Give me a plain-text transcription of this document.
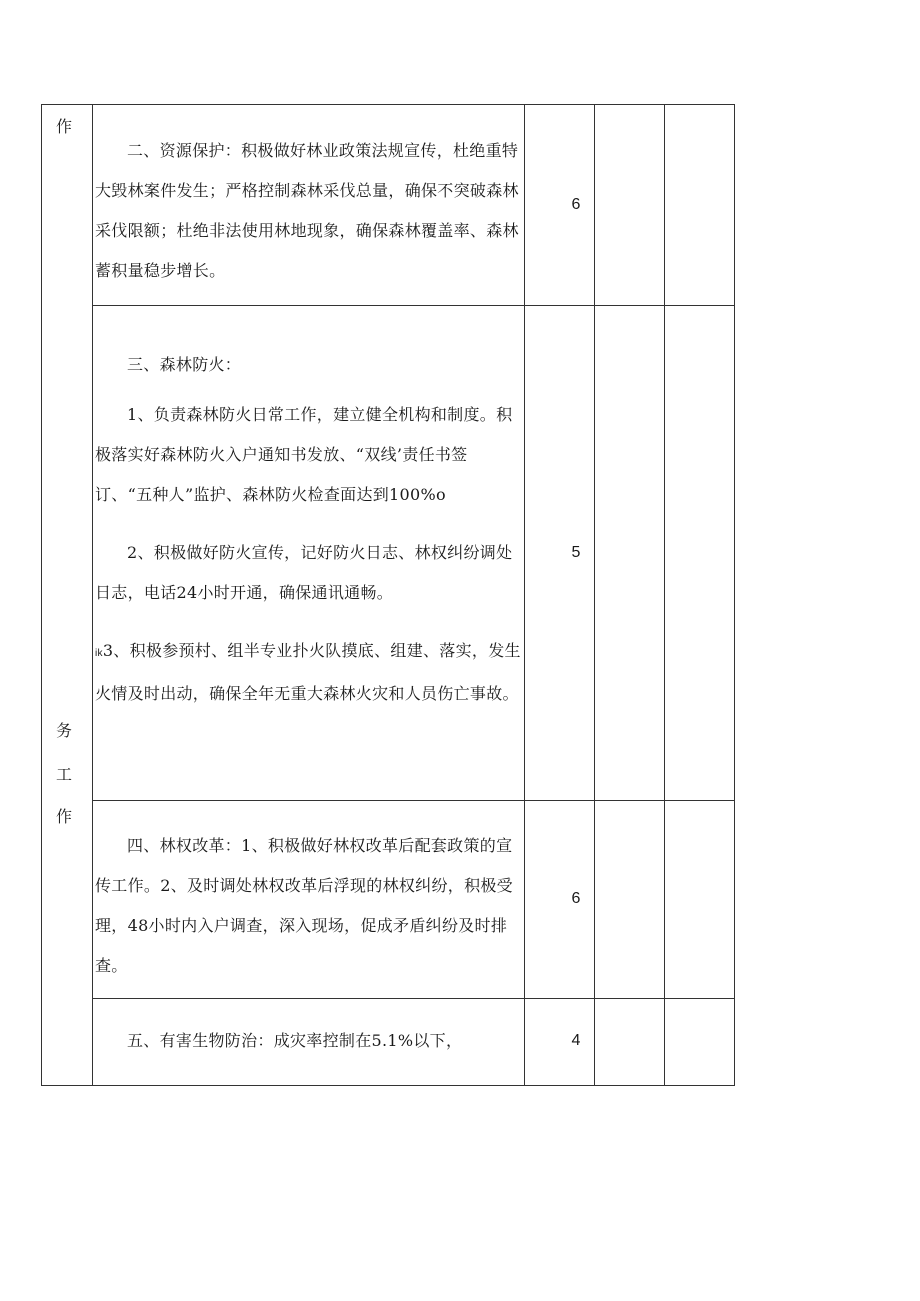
作
务
工
作

二、资源保护：积极做好林业政策法规宣传，杜绝重特大毁林案件发生；严格控制森林采伐总量，确保不突破森林采伐限额；杜绝非法使用林地现象，确保森林覆盖率、森林蓄积量稳步增长。

6

三、森林防火：

1、负责森林防火日常工作，建立健全机构和制度。积极落实好森林防火入户通知书发放、“双线’责任书签订、“五种人”监护、森林防火检查面达到100%o

2、积极做好防火宣传，记好防火日志、林权纠纷调处日志，电话24小时开通，确保通讯通畅。

ik3、积极参预村、组半专业扑火队摸底、组建、落实，发生火情及时出动，确保全年无重大森林火灾和人员伤亡事故。

5

四、林权改革：1、积极做好林权改革后配套政策的宣传工作。2、及时调处林权改革后浮现的林权纠纷，积极受理，48小时内入户调查，深入现场，促成矛盾纠纷及时排查。

6

五、有害生物防治：成灾率控制在5.1%以下，	4
